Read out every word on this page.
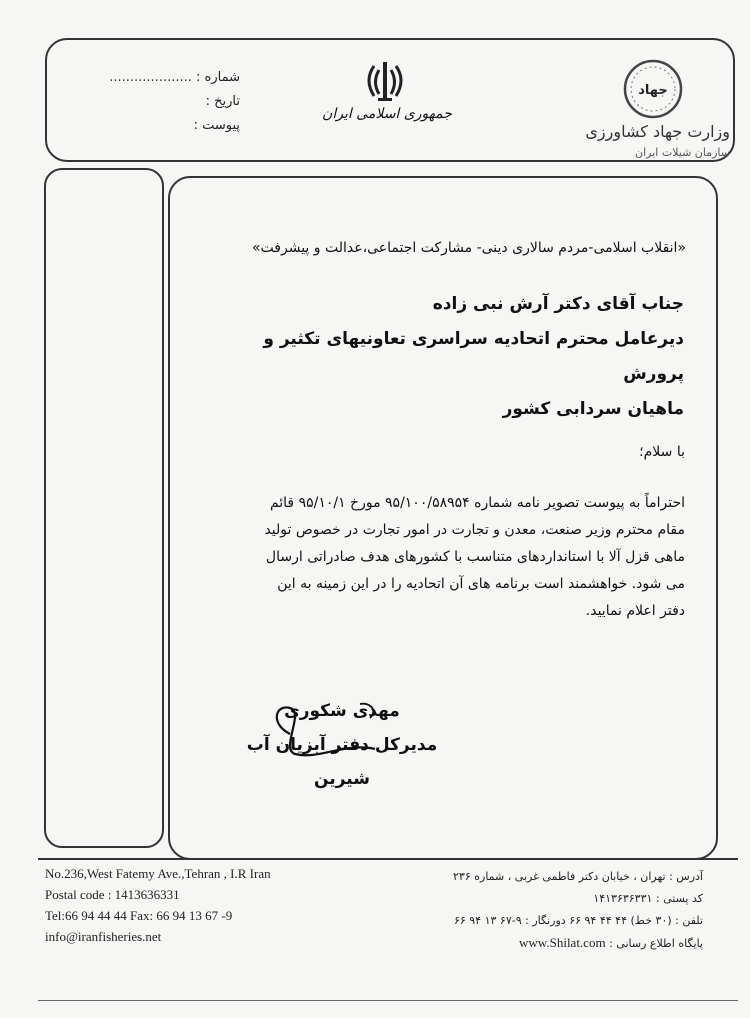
شماره : ....................
تاریخ :
پیوست :
جمهوری اسلامی ایران
جهاد
وزارت جهاد کشاورزی
سازمان شیلات ایران
«انقلاب اسلامی-مردم سالاری دینی- مشارکت اجتماعی،عدالت و پیشرفت»
جناب آقای دکتر آرش نبی زاده
دیرعامل محترم اتحادیه سراسری تعاونیهای تکثیر و پرورش
ماهیان سردابی کشور
با سلام؛
احتراماً به پیوست تصویر نامه شماره ۹۵/۱۰۰/۵۸۹۵۴ مورخ ۹۵/۱۰/۱ قائم
مقام محترم وزیر صنعت، معدن و تجارت در امور تجارت در خصوص تولید
ماهی قزل آلا با استانداردهای متناسب با کشورهای هدف صادراتی ارسال
می شود. خواهشمند است برنامه های آن اتحادیه را در این زمینه به این
دفتر اعلام نمایید.
مهدی شکوری
مدیرکل دفتر آبزیان آب شیرین
No.236,West Fatemy Ave.,Tehran , I.R Iran
Postal code : 1413636331
Tel:66 94 44 44 Fax: 66 94 13 67 -9
info@iranfisheries.net
آدرس : تهران ، خیابان دکتر فاطمی غربی ، شماره ۲۳۶
کد پستی : ۱۴۱۳۶۳۶۳۳۱
تلفن : (۳۰ خط) ۴۴ ۴۴ ۹۴ ۶۶ دورنگار : ۹-۶۷ ۱۳ ۹۴ ۶۶
پایگاه اطلاع رسانی : www.Shilat.com
